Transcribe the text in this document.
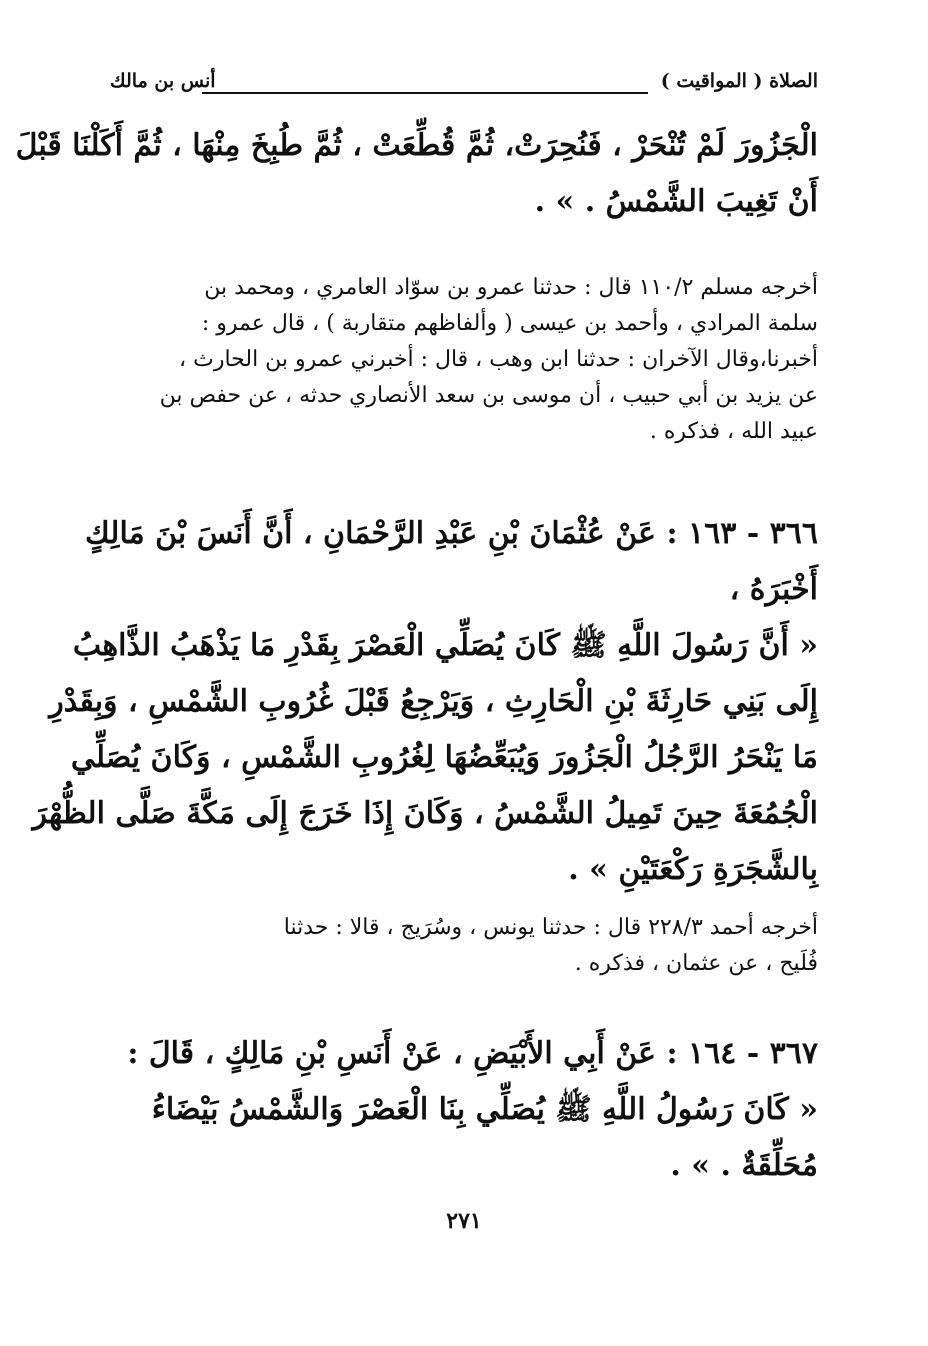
الصلاة ( المواقيت )
أنس بن مالك
الْجَزُورَ لَمْ تُنْحَرْ ، فَنُحِرَتْ، ثُمَّ قُطِّعَتْ ، ثُمَّ طُبِخَ مِنْهَا ، ثُمَّ أَكَلْنَا قَبْلَ
أَنْ تَغِيبَ الشَّمْسُ . » .
أخرجه مسلم ١١٠/٢ قال : حدثنا عمرو بن سوّاد العامري ، ومحمد بن
سلمة المرادي ، وأحمد بن عيسى ( وألفاظهم متقاربة ) ، قال عمرو :
أخبرنا،وقال الآخران : حدثنا ابن وهب ، قال : أخبرني عمرو بن الحارث ،
عن يزيد بن أبي حبيب ، أن موسى بن سعد الأنصاري حدثه ، عن حفص بن
عبيد الله ، فذكره .
٣٦٦ - ١٦٣ : عَنْ عُثْمَانَ بْنِ عَبْدِ الرَّحْمَانِ ، أَنَّ أَنَسَ بْنَ مَالِكٍ
أَخْبَرَهُ ،
« أَنَّ رَسُولَ اللَّهِ ﷺ كَانَ يُصَلِّي الْعَصْرَ بِقَدْرِ مَا يَذْهَبُ الذَّاهِبُ
إِلَى بَنِي حَارِثَةَ بْنِ الْحَارِثِ ، وَيَرْجِعُ قَبْلَ غُرُوبِ الشَّمْسِ ، وَبِقَدْرِ
مَا يَنْحَرُ الرَّجُلُ الْجَزُورَ وَيُبَعِّضُهَا لِغُرُوبِ الشَّمْسِ ، وَكَانَ يُصَلِّي
الْجُمُعَةَ حِينَ تَمِيلُ الشَّمْسُ ، وَكَانَ إِذَا خَرَجَ إِلَى مَكَّةَ صَلَّى الظُّهْرَ
بِالشَّجَرَةِ رَكْعَتَيْنِ » .
أخرجه أحمد ٢٢٨/٣ قال : حدثنا يونس ، وسُرَيج ، قالا : حدثنا
فُلَيح ، عن عثمان ، فذكره .
٣٦٧ - ١٦٤ : عَنْ أَبِي الأَبْيَضِ ، عَنْ أَنَسِ بْنِ مَالِكٍ ، قَالَ :
« كَانَ رَسُولُ اللَّهِ ﷺ يُصَلِّي بِنَا الْعَصْرَ وَالشَّمْسُ بَيْضَاءُ
مُحَلِّقَةٌ . » .
٢٧١
